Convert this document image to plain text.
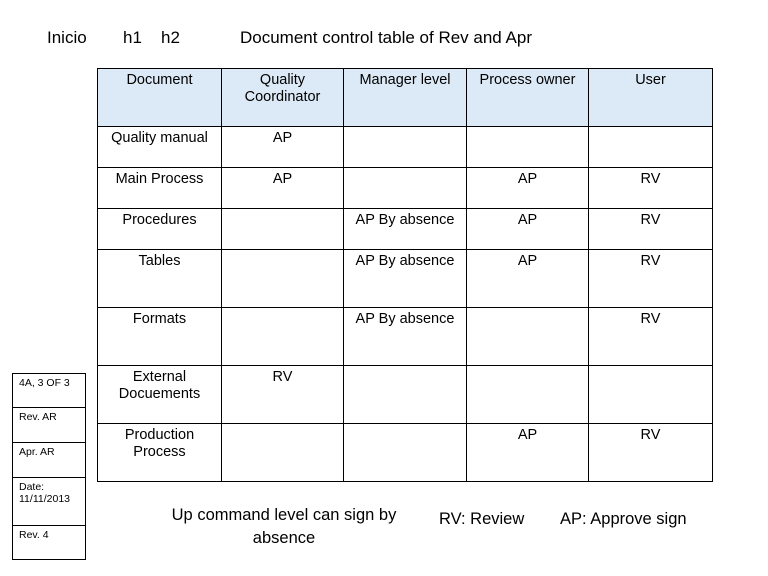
Inicio h1 h2	Document control table of Rev and Apr
Document	Quality Coordinator	Manager level	Process owner	User
Quality manual	AP			
Main Process	AP		AP	RV
Procedures		AP By absence	AP	RV
Tables		AP By absence	AP	RV
Formats		AP By absence		RV
External Docuements	RV			
Production Process			AP	RV
4A, 3 OF 3
Rev. AR
Apr. AR
Date: 11/11/2013
Rev. 4
Up command level can sign by absence
RV: Review AP: Approve sign
